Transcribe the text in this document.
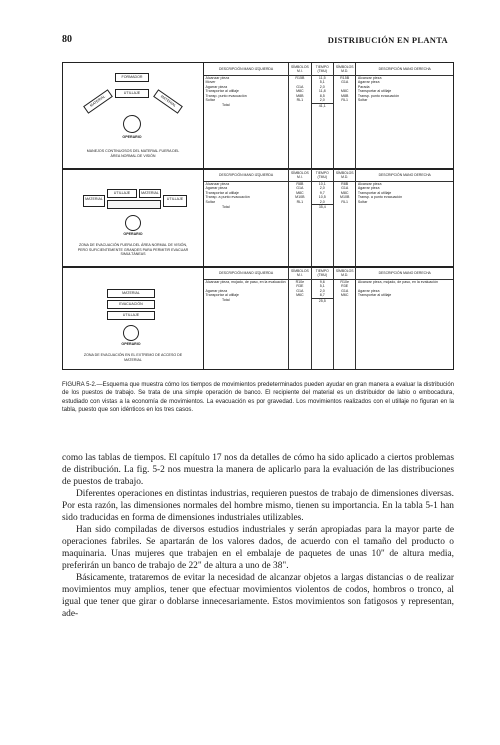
80	DISTRIBUCIÓN EN PLANTA
FORMADOR
UTILLAJE
MATERIAL	MATERIAL
OPERARIO
MANEJOS CONTINUOSOS DEL MATERIAL FUERA DEL ÁREA NORMAL DE VISIÓN
DESCRIPCIÓN MANO IZQUIERDA	SÍMBOLOS M.I.	TIEMPO (TMU)	SÍMBOLOS M.D.	DESCRIPCIÓN MANO DERECHA
Alcanzar pieza	R15B	11,5	R15B	Alcanzar pieza
Mover		5,1	G1A	Agarrar pieza
Agarrar pieza	G1A	2,0		Parada
Transportar al utillaje	M8C	11,8	M8C	Transportar al utillaje
Transp. punto evacuación	M8B	8,5	M8B	Transp. punto evacuación
Soltar	RL1	2,0	RL1	Soltar
Total		41,1		

MATERIAL
UTILLAJE	MATERIAL
UTILLAJE
OPERARIO
ZONA DE EVACUACIÓN FUERA DEL ÁREA NORMAL DE VISIÓN, PERO SUFICIENTEMENTE GRANDES PARA PERMITIR EVACUAR SIMULTÁNEAS
DESCRIPCIÓN MANO IZQUIERDA	SÍMBOLOS M.I.	TIEMPO (TMU)	SÍMBOLOS M.D.	DESCRIPCIÓN MANO DERECHA
Alcanzar pieza	R8B	10,1	R8B	Alcanzar pieza
Agarrar pieza	G1A	2,0	G1A	Agarrar pieza
Transportar al utillaje	M8C	9,7	M8C	Transportar al utillaje
Transp. a punto evacuación	M10B	10,5	M10B	Transp. a punto evacuación
Soltar	RL1	2,0	RL1	Soltar
Total		35,4		

MATERIAL
EVACUACIÓN
UTILLAJE
OPERARIO
ZONA DE EVACUACIÓN EN EL EXTREMO DE ACCESO DE MATERIAL
DESCRIPCIÓN MANO IZQUIERDA	SÍMBOLOS M.I.	TIEMPO (TMU)	SÍMBOLOS M.D.	DESCRIPCIÓN MANO DERECHA
Alcanzar pieza, mojado, de paso, en la evaluación	R10e	9,6	R10e	Alcanzar pieza, mojado, de paso, en la evaluación
	R3E	5,1	R3E	
Agarrar pieza	G1A	2,0	G1A	Agarrar pieza
Transportar al utillaje	M6C	8,7	M6C	Transportar al utillaje
Total		25,5		

FIGURA 5-2.—Esquema que muestra cómo los tiempos de movimientos predeterminados pueden ayudar en gran manera a evaluar la distribución de los puestos de trabajo. Se trata de una simple operación de banco. El recipiente del material es un distribuidor de labio o embocadura, estudiado con vistas a la economía de movimientos. La evacuación es por gravedad. Los movimientos realizados con el utillaje no figuran en la tabla, puesto que son idénticos en los tres casos.

como las tablas de tiempos. El capítulo 17 nos da detalles de cómo ha sido aplicado a ciertos problemas de distribución. La fig. 5-2 nos muestra la manera de aplicarlo para la evaluación de las distribuciones de puestos de trabajo.

Diferentes operaciones en distintas industrias, requieren puestos de trabajo de dimensiones diversas. Por esta razón, las dimensiones normales del hombre mismo, tienen su importancia. En la tabla 5-1 han sido traducidas en forma de dimensiones industriales utilizables.

Han sido compiladas de diversos estudios industriales y serán apropiadas para la mayor parte de operaciones fabriles. Se apartarán de los valores dados, de acuerdo con el tamaño del producto o maquinaria. Unas mujeres que trabajen en el embalaje de paquetes de unas 10" de altura media, preferirán un banco de trabajo de 22" de altura a uno de 38".

Básicamente, trataremos de evitar la necesidad de alcanzar objetos a largas distancias o de realizar movimientos muy amplios, tener que efectuar movimientos violentos de codos, hombros o tronco, al igual que tener que girar o doblarse innecesariamente. Estos movimientos son fatigosos y representan, ade-
